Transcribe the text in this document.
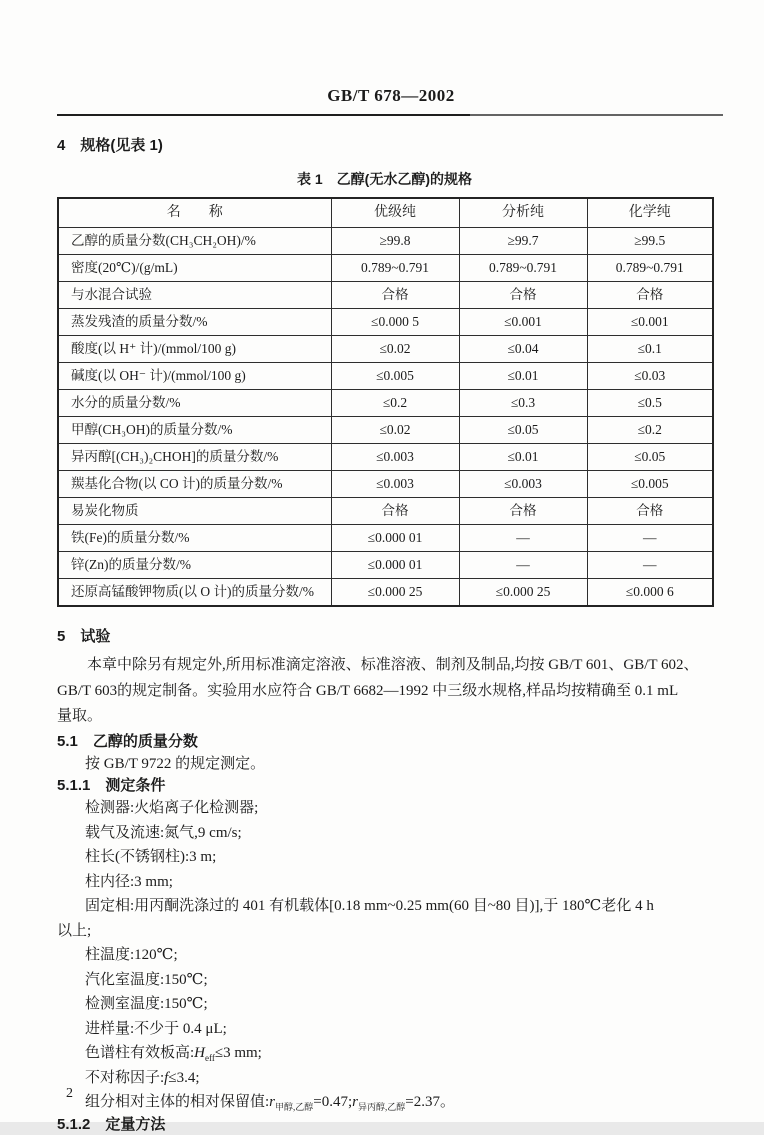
GB/T 678—2002
4　规格(见表 1)
表 1　乙醇(无水乙醇)的规格
名　　称	优级纯	分析纯	化学纯
乙醇的质量分数(CH₃CH₂OH)/%	≥99.8	≥99.7	≥99.5
密度(20℃)/(g/mL)	0.789~0.791	0.789~0.791	0.789~0.791
与水混合试验	合格	合格	合格
蒸发残渣的质量分数/%	≤0.000 5	≤0.001	≤0.001
酸度(以 H⁺ 计)/(mmol/100 g)	≤0.02	≤0.04	≤0.1
碱度(以 OH⁻ 计)/(mmol/100 g)	≤0.005	≤0.01	≤0.03
水分的质量分数/%	≤0.2	≤0.3	≤0.5
甲醇(CH₃OH)的质量分数/%	≤0.02	≤0.05	≤0.2
异丙醇[(CH₃)₂CHOH]的质量分数/%	≤0.003	≤0.01	≤0.05
羰基化合物(以 CO 计)的质量分数/%	≤0.003	≤0.003	≤0.005
易炭化物质	合格	合格	合格
铁(Fe)的质量分数/%	≤0.000 01	—	—
锌(Zn)的质量分数/%	≤0.000 01	—	—
还原高锰酸钾物质(以 O 计)的质量分数/%	≤0.000 25	≤0.000 25	≤0.000 6
5　试验
本章中除另有规定外,所用标准滴定溶液、标准溶液、制剂及制品,均按 GB/T 601、GB/T 602、
GB/T 603的规定制备。实验用水应符合 GB/T 6682—1992 中三级水规格,样品均按精确至 0.1 mL
量取。
5.1　乙醇的质量分数
按 GB/T 9722 的规定测定。
5.1.1　测定条件
检测器:火焰离子化检测器;
载气及流速:氮气,9 cm/s;
柱长(不锈钢柱):3 m;
柱内径:3 mm;
固定相:用丙酮洗涤过的 401 有机载体[0.18 mm~0.25 mm(60 目~80 目)],于 180℃老化 4 h
以上;
柱温度:120℃;
汽化室温度:150℃;
检测室温度:150℃;
进样量:不少于 0.4 μL;
色谱柱有效板高$:H_{eff}\le 3$ mm;
不对称因子:f≤3.4;
组分相对主体的相对保留值$:r_{甲醇,乙醇}=0.47;r_{异丙醇,乙醇}=2.37$。
5.1.2　定量方法
2
